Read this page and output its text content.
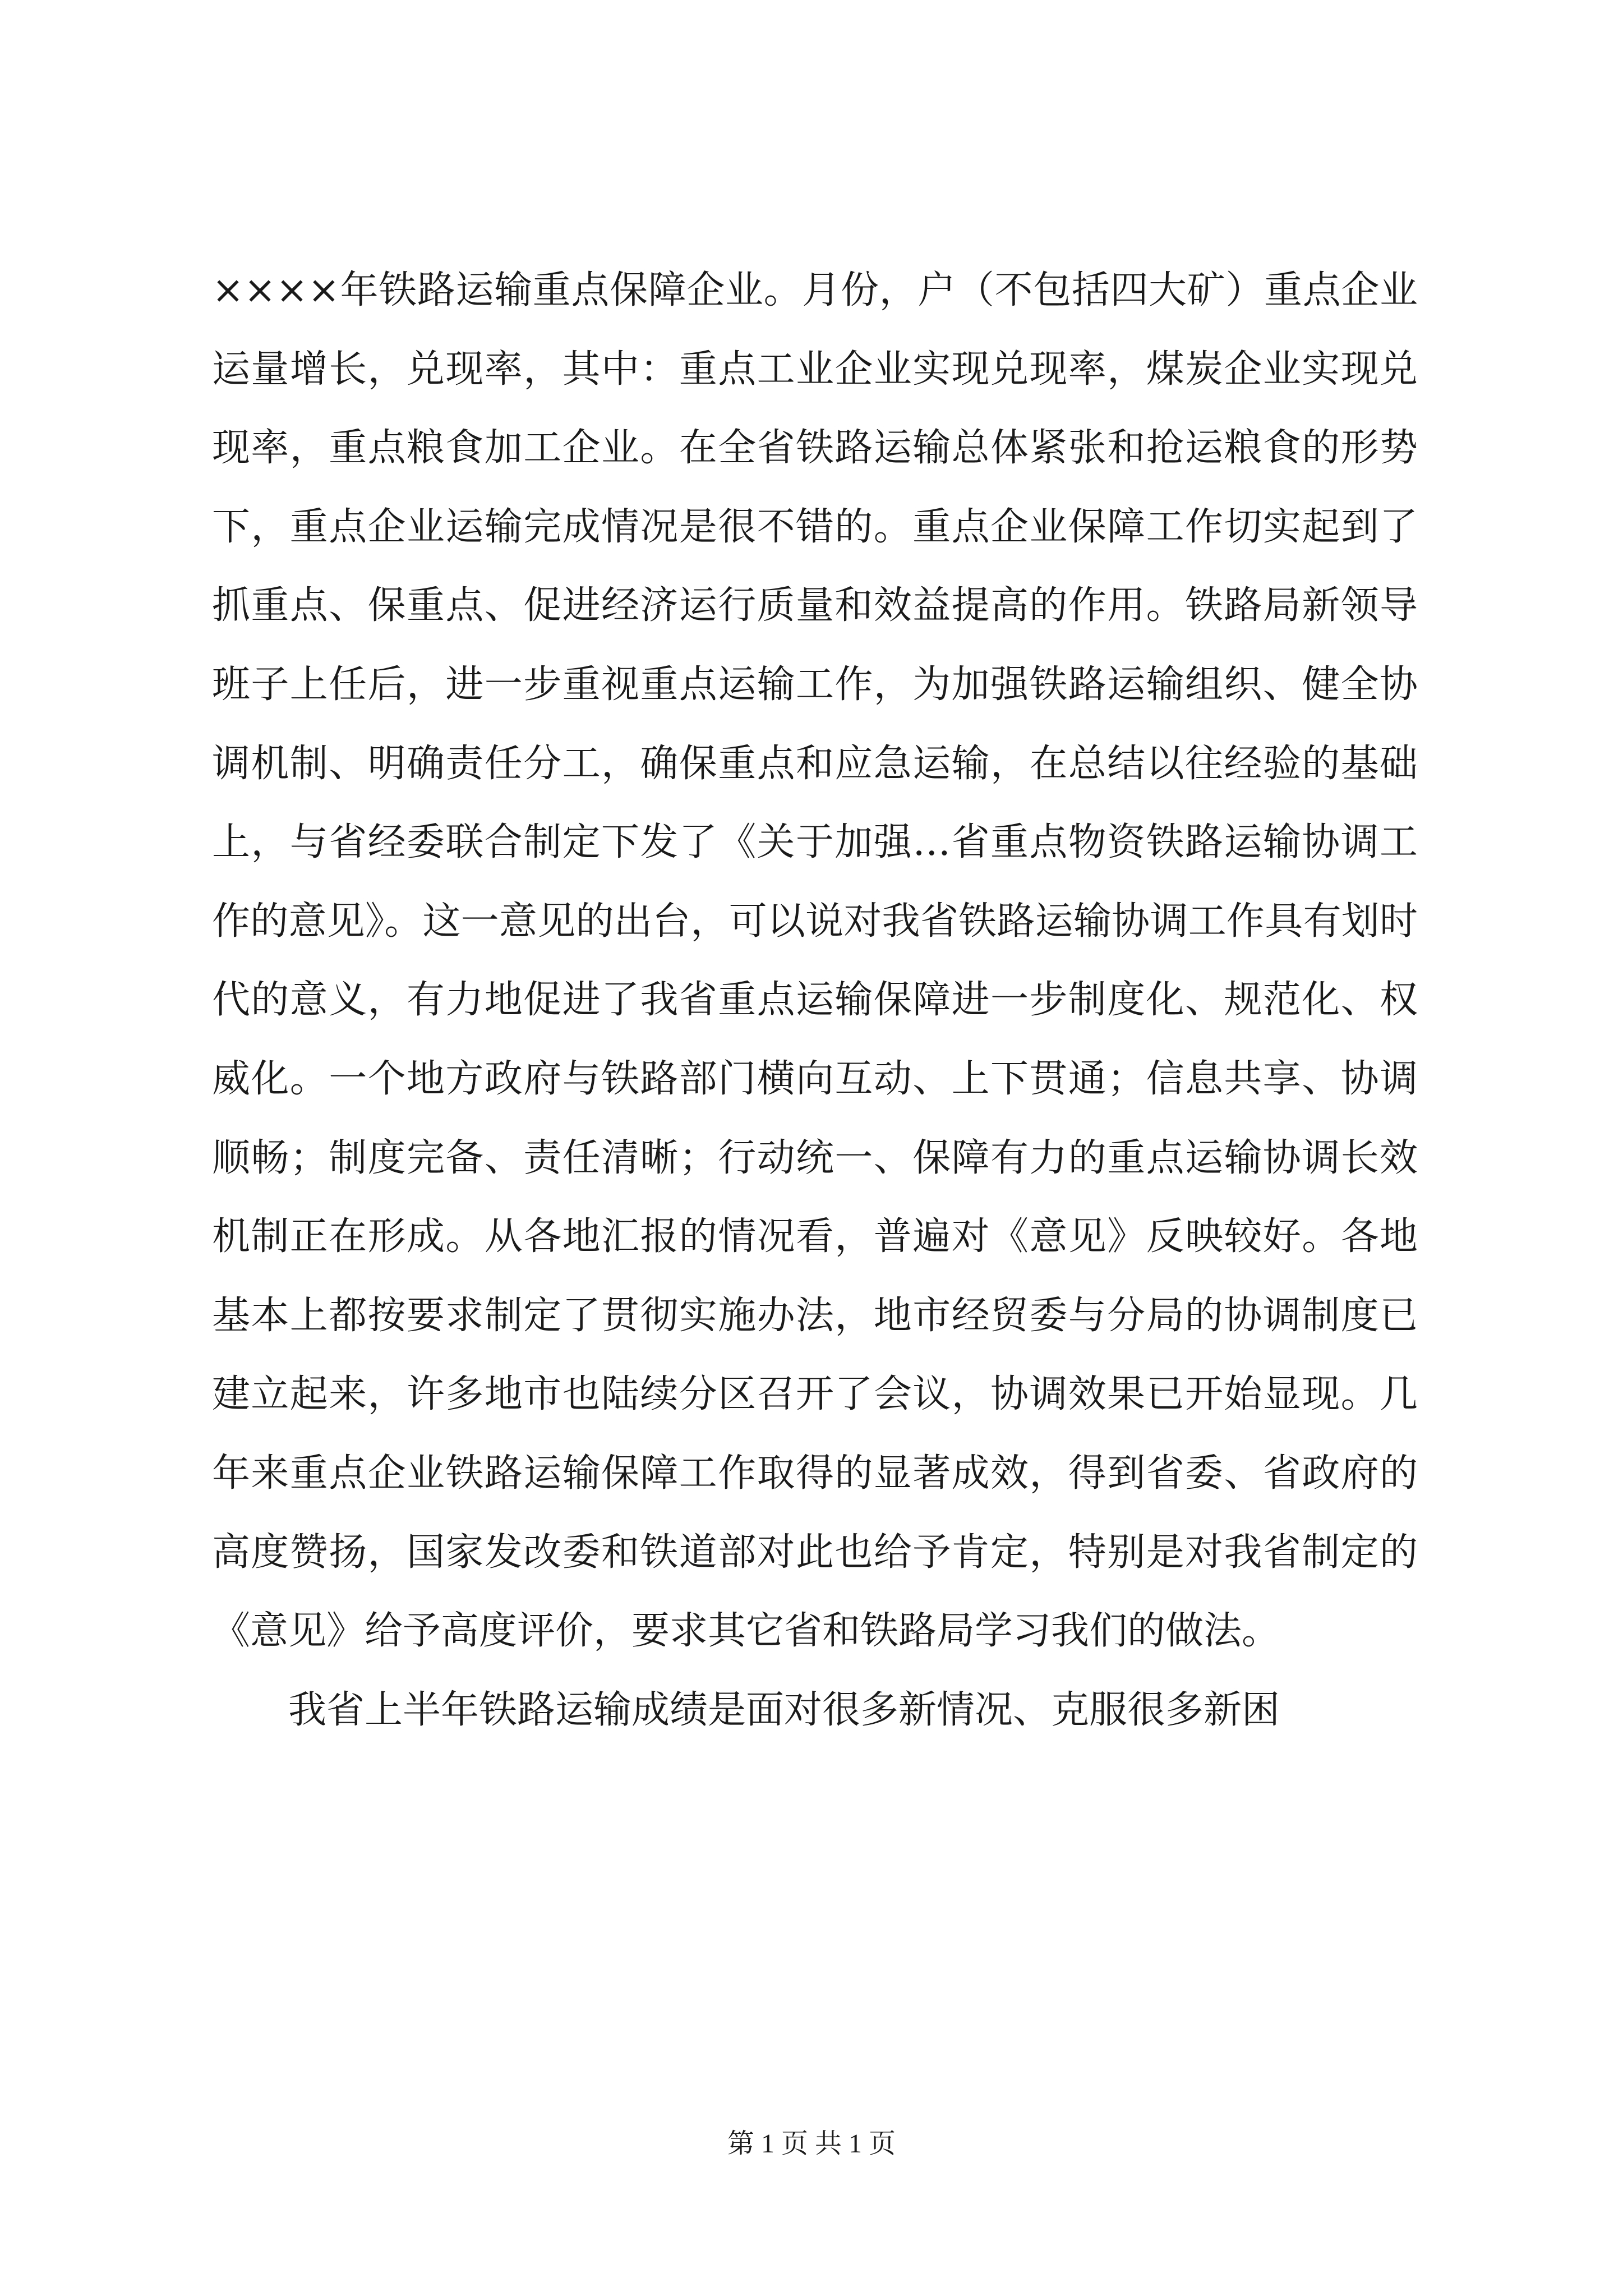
××××年铁路运输重点保障企业。月份，户（不包括四大矿）重点企业运量增长，兑现率，其中：重点工业企业实现兑现率，煤炭企业实现兑现率，重点粮食加工企业。在全省铁路运输总体紧张和抢运粮食的形势下，重点企业运输完成情况是很不错的。重点企业保障工作切实起到了抓重点、保重点、促进经济运行质量和效益提高的作用。铁路局新领导班子上任后，进一步重视重点运输工作，为加强铁路运输组织、健全协调机制、明确责任分工，确保重点和应急运输，在总结以往经验的基础上，与省经委联合制定下发了《关于加强…省重点物资铁路运输协调工作的意见》。这一意见的出台，可以说对我省铁路运输协调工作具有划时代的意义，有力地促进了我省重点运输保障进一步制度化、规范化、权威化。一个地方政府与铁路部门横向互动、上下贯通；信息共享、协调顺畅；制度完备、责任清晰；行动统一、保障有力的重点运输协调长效机制正在形成。从各地汇报的情况看，普遍对《意见》反映较好。各地基本上都按要求制定了贯彻实施办法，地市经贸委与分局的协调制度已建立起来，许多地市也陆续分区召开了会议，协调效果已开始显现。几年来重点企业铁路运输保障工作取得的显著成效，得到省委、省政府的高度赞扬，国家发改委和铁道部对此也给予肯定，特别是对我省制定的《意见》给予高度评价，要求其它省和铁路局学习我们的做法。

我省上半年铁路运输成绩是面对很多新情况、克服很多新困

第 1 页 共 1 页
